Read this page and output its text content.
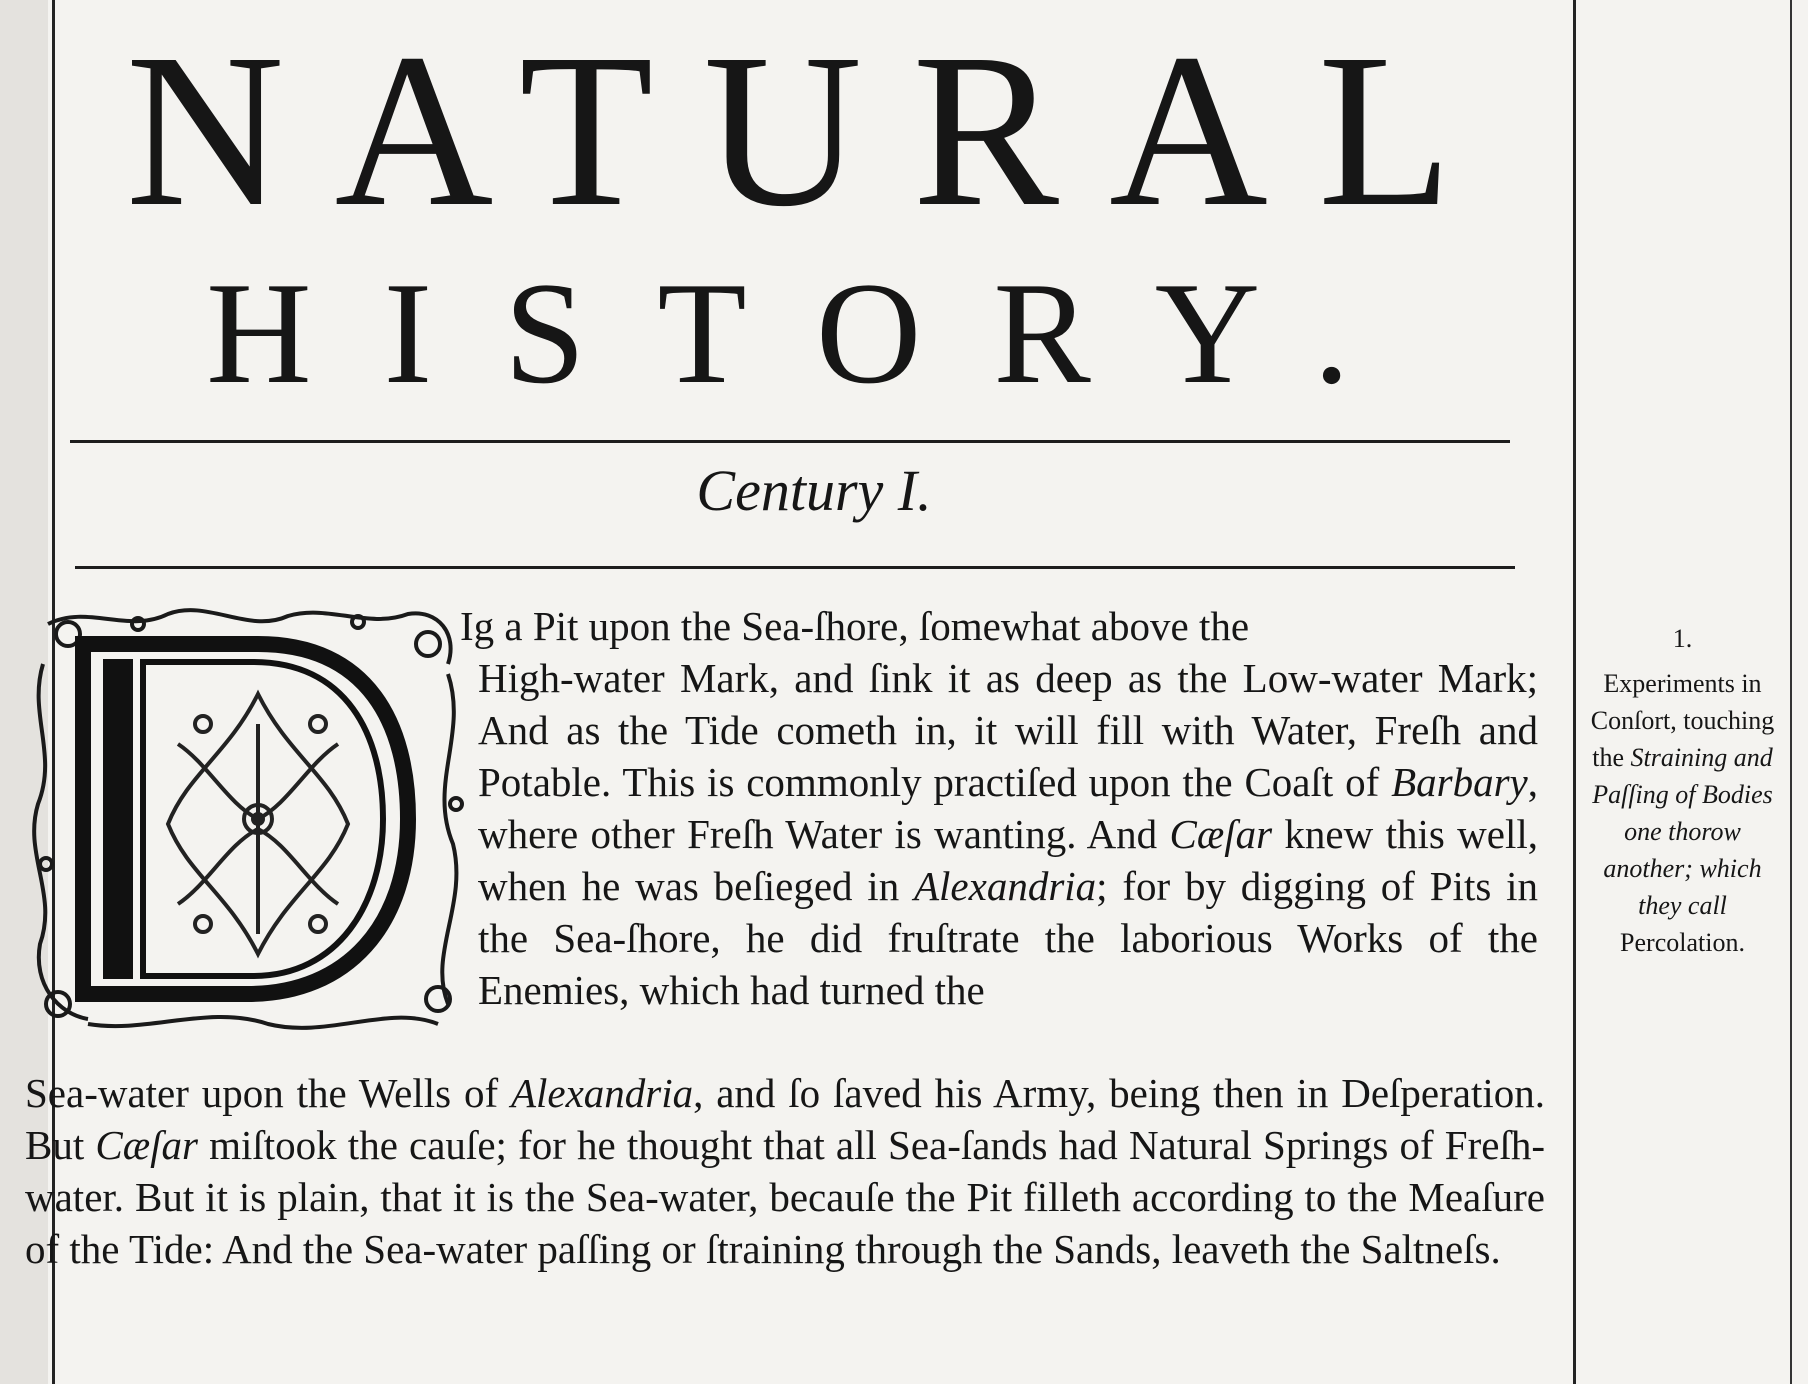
NATURAL
HISTORY.
Century I.
D	Ig a Pit upon the Sea-ſhore, ſomewhat above the
High-water Mark, and ſink it as deep as the Low-water Mark; And as the Tide cometh in, it will fill with Water, Freſh and Potable. This is commonly practiſed upon the Coaſt of Barbary, where other Freſh Water is wanting. And Cæſar knew this well, when he was beſieged in Alexandria; for by digging of Pits in the Sea-ſhore, he did fruſtrate the laborious Works of the Enemies, which had turned the

Sea-water upon the Wells of Alexandria, and ſo ſaved his Army, being then in Deſperation. But Cæſar miſtook the cauſe; for he thought that all Sea-ſands had Natural Springs of Freſh-water. But it is plain, that it is the Sea-water, becauſe the Pit filleth according to the Meaſure of the Tide: And the Sea-water paſſing or ſtraining through the Sands, leaveth the Saltneſs.

1.
Experiments in Conſort, touching the Straining and Paſſing of Bodies one thorow another; which they call Percolation.
